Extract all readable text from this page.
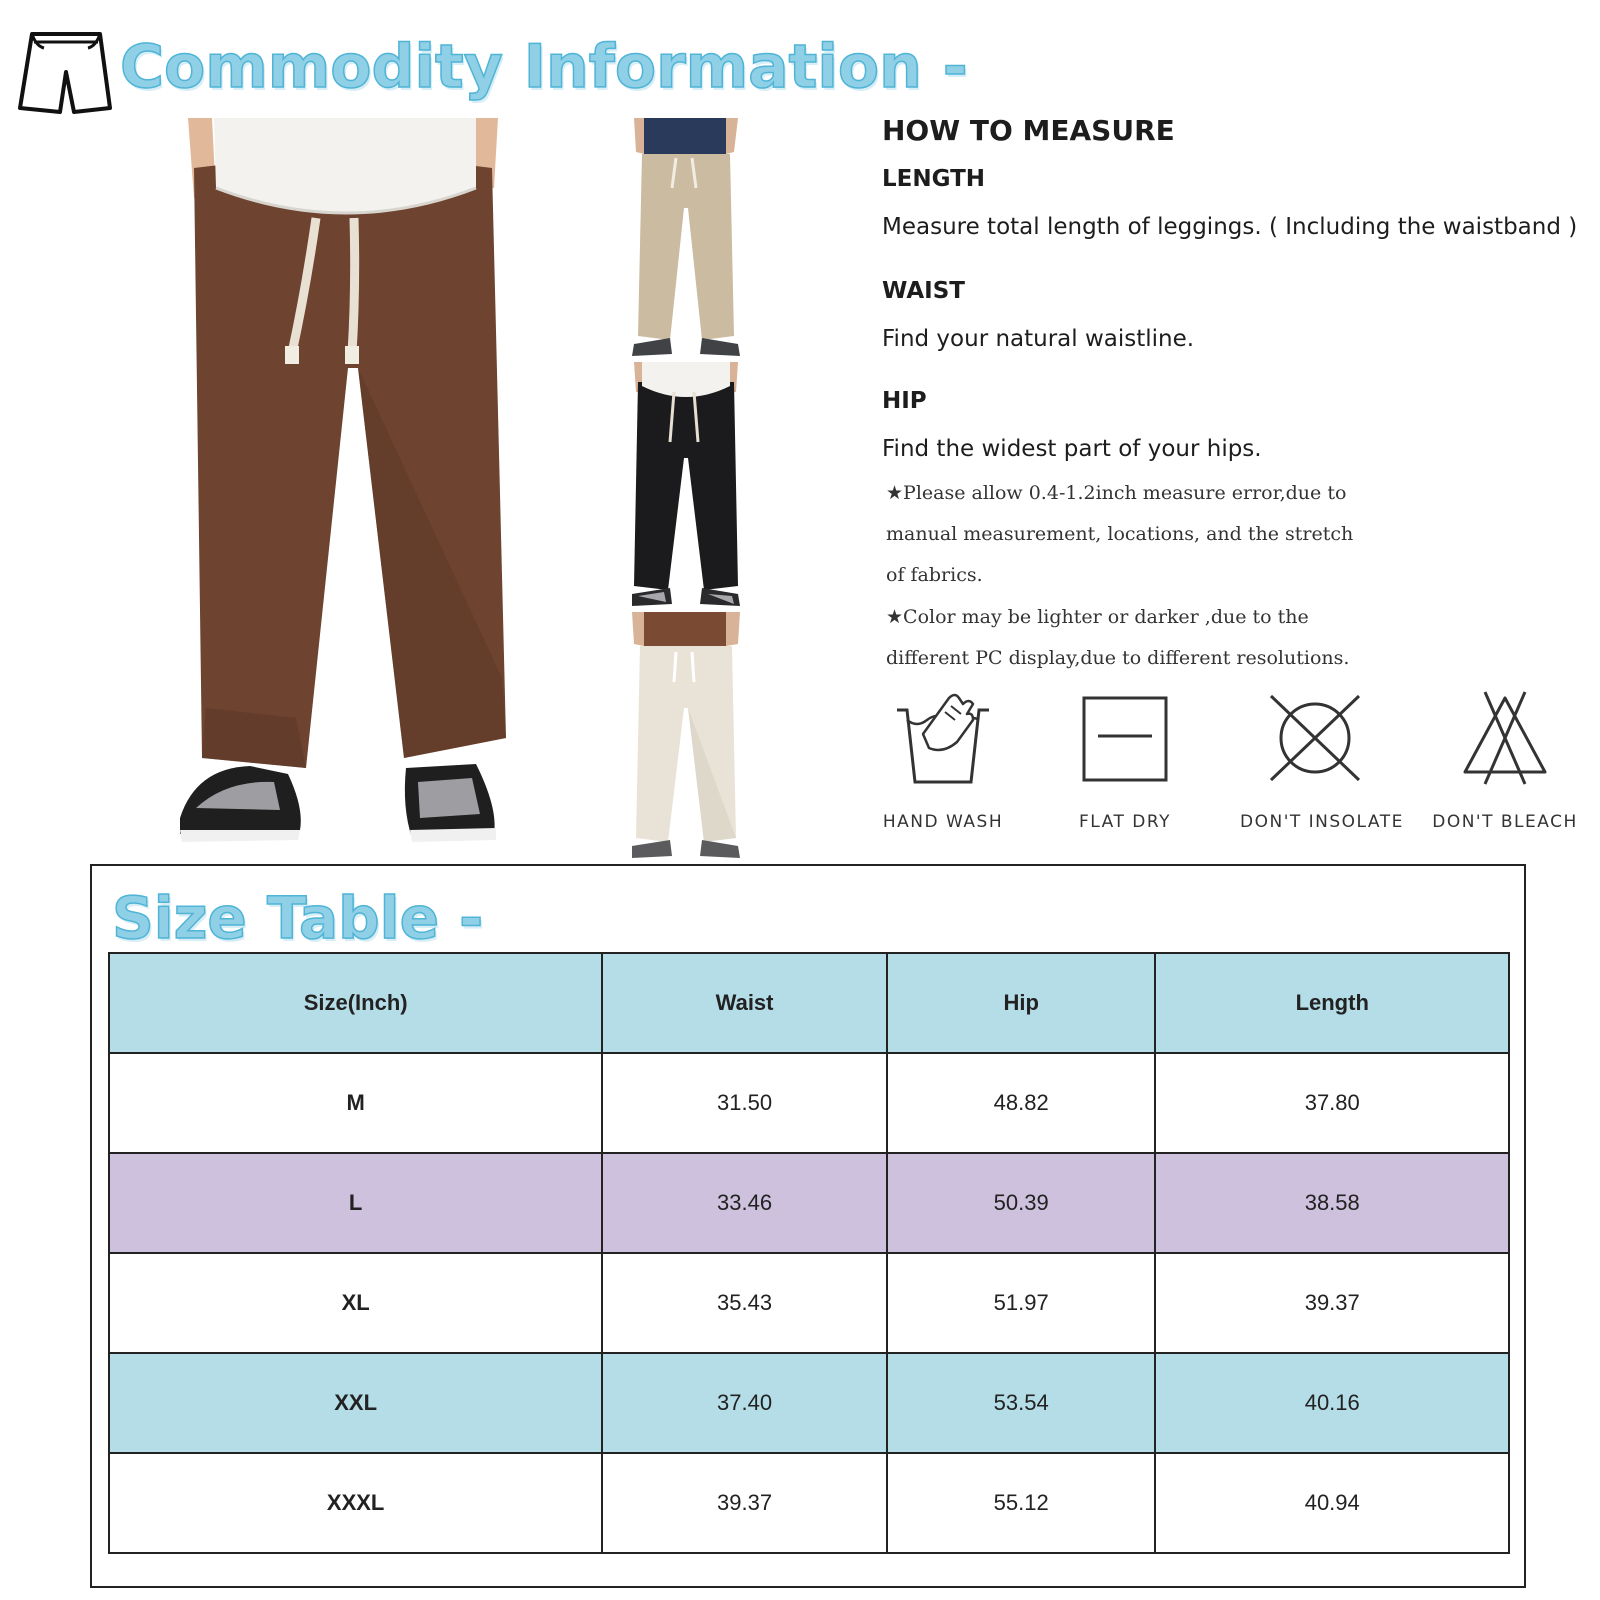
Commodity Information -
HOW TO MEASURE
LENGTH
Measure total length of leggings. ( Including the waistband )
WAIST
Find your natural waistline.
HIP
Find the widest part of your hips.
★Please allow 0.4-1.2inch measure error,due to
manual measurement, locations, and the stretch
of fabrics.
★Color may be lighter or darker ,due to the
different PC display,due to different resolutions.
HAND WASH	FLAT DRY	DON'T INSOLATE DON'T BLEACH
Size Table -
Size(Inch)	Waist	Hip	Length
M	31.50	48.82	37.80
L	33.46	50.39	38.58
XL	35.43	51.97	39.37
XXL	37.40	53.54	40.16
XXXL	39.37	55.12	40.94
